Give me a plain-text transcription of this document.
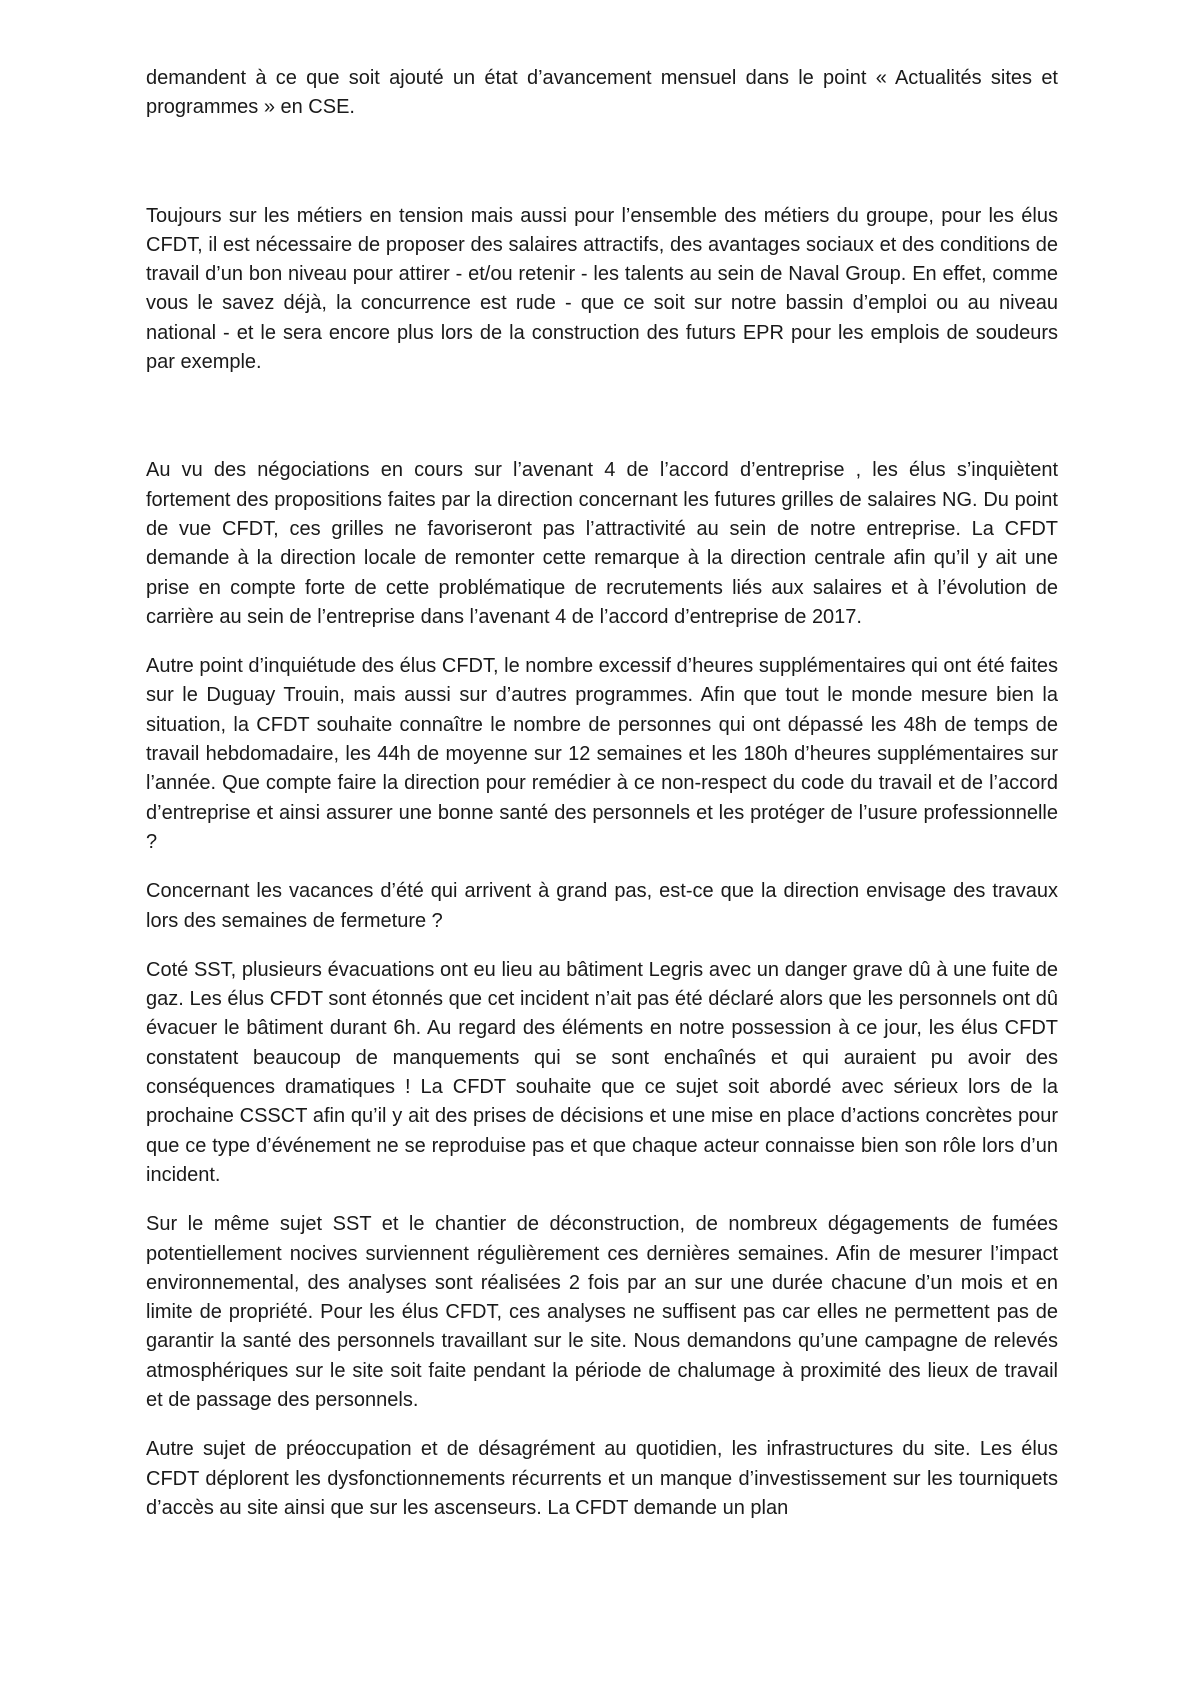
demandent à ce que soit ajouté un état d’avancement mensuel dans le point « Actualités sites et programmes » en CSE.

Toujours sur les métiers en tension mais aussi pour l’ensemble des métiers du groupe, pour les élus CFDT, il est nécessaire de proposer des salaires attractifs, des avantages sociaux et des conditions de travail d’un bon niveau pour attirer - et/ou retenir - les talents au sein de Naval Group. En effet, comme vous le savez déjà, la concurrence est rude - que ce soit sur notre bassin d’emploi ou au niveau national - et le sera encore plus lors de la construction des futurs EPR pour les emplois de soudeurs par exemple.

Au vu des négociations en cours sur l’avenant 4 de l’accord d’entreprise , les élus s’inquiètent fortement des propositions faites par la direction concernant les futures grilles de salaires NG. Du point de vue CFDT, ces grilles ne favoriseront pas l’attractivité au sein de notre entreprise. La CFDT demande à la direction locale de remonter cette remarque à la direction centrale afin qu’il y ait une prise en compte forte de cette problématique de recrutements liés aux salaires et à l’évolution de carrière au sein de l’entreprise dans l’avenant 4 de l’accord d’entreprise de 2017.

Autre point d’inquiétude des élus CFDT, le nombre excessif d’heures supplémentaires qui ont été faites sur le Duguay Trouin, mais aussi sur d’autres programmes. Afin que tout le monde mesure bien la situation, la CFDT souhaite connaître le nombre de personnes qui ont dépassé les 48h de temps de travail hebdomadaire, les 44h de moyenne sur 12 semaines et les 180h d’heures supplémentaires sur l’année. Que compte faire la direction pour remédier à ce non-respect du code du travail et de l’accord d’entreprise et ainsi assurer une bonne santé des personnels et les protéger de l’usure professionnelle ?

Concernant les vacances d’été qui arrivent à grand pas, est-ce que la direction envisage des travaux lors des semaines de fermeture ?

Coté SST, plusieurs évacuations ont eu lieu au bâtiment Legris avec un danger grave dû à une fuite de gaz. Les élus CFDT sont étonnés que cet incident n’ait pas été déclaré alors que les personnels ont dû évacuer le bâtiment durant 6h. Au regard des éléments en notre possession à ce jour, les élus CFDT constatent beaucoup de manquements qui se sont enchaînés et qui auraient pu avoir des conséquences dramatiques ! La CFDT souhaite que ce sujet soit abordé avec sérieux lors de la prochaine CSSCT afin qu’il y ait des prises de décisions et une mise en place d’actions concrètes pour que ce type d’événement ne se reproduise pas et que chaque acteur connaisse bien son rôle lors d’un incident.

Sur le même sujet SST et le chantier de déconstruction, de nombreux dégagements de fumées potentiellement nocives surviennent régulièrement ces dernières semaines. Afin de mesurer l’impact environnemental, des analyses sont réalisées 2 fois par an sur une durée chacune d’un mois et en limite de propriété. Pour les élus CFDT, ces analyses ne suffisent pas car elles ne permettent pas de garantir la santé des personnels travaillant sur le site. Nous demandons qu’une campagne de relevés atmosphériques sur le site soit faite pendant la période de chalumage à proximité des lieux de travail et de passage des personnels.

Autre sujet de préoccupation et de désagrément au quotidien, les infrastructures du site. Les élus CFDT déplorent les dysfonctionnements récurrents et un manque d’investissement sur les tourniquets d’accès au site ainsi que sur les ascenseurs. La CFDT demande un plan
